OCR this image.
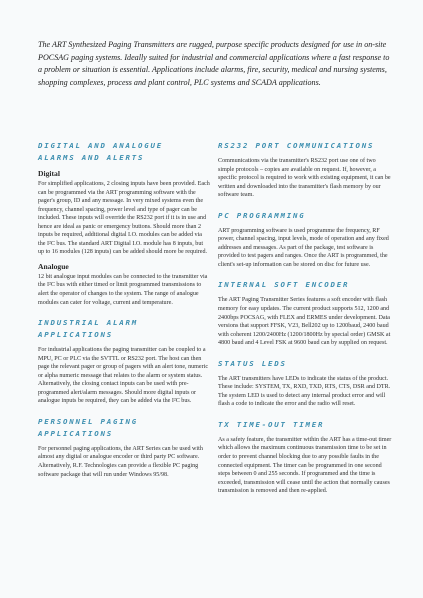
The ART Synthesized Paging Transmitters are rugged, purpose specific products designed for use in on-site POCSAG paging systems. Ideally suited for industrial and commercial applications where a fast response to a problem or situation is essential. Applications include alarms, fire, security, medical and nursing systems, shopping complexes, process and plant control, PLC systems and SCADA applications.

DIGITAL AND ANALOGUE
ALARMS AND ALERTS
Digital

For simplified applications, 2 closing inputs have been provided. Each can be programmed via the ART programming software with the pager's group, ID and any message. In very mixed systems even the frequency, channel spacing, power level and type of pager can be included. These inputs will override the RS232 port if it is in use and hence are ideal as panic or emergency buttons. Should more than 2 inputs be required, additional digital I.O. modules can be added via the I²C bus. The standard ART Digital I.O. module has 8 inputs, but up to 16 modules (128 inputs) can be added should more be required.

Analogue

12 bit analogue input modules can be connected to the transmitter via the I²C bus with either timed or limit programmed transmissions to alert the operator of changes to the system. The range of analogue modules can cater for voltage, current and temperature.

INDUSTRIAL ALARM APPLICATIONS

For industrial applications the paging transmitter can be coupled to a MPU, PC or PLC via the SVTTL or RS232 port. The host can then page the relevant pager or group of pagers with an alert tone, numeric or alpha numeric message that relates to the alarm or system status. Alternatively, the closing contact inputs can be used with pre-programmed alert/alarm messages. Should more digital inputs or analogue inputs be required, they can be added via the I²C bus.

PERSONNEL PAGING APPLICATIONS

For personnel paging applications, the ART Series can be used with almost any digital or analogue encoder or third party PC software. Alternatively, R.F. Technologies can provide a flexible PC paging software package that will run under Windows 95/98.

RS232 PORT COMMUNICATIONS

Communications via the transmitter's RS232 port use one of two simple protocols – copies are available on request. If, however, a specific protocol is required to work with existing equipment, it can be written and downloaded into the transmitter's flash memory by our software team.

PC PROGRAMMING

ART programming software is used programme the frequency, RF power, channel spacing, input levels, mode of operation and any fixed addresses and messages. As part of the package, test software is provided to test pagers and ranges. Once the ART is programmed, the client's set-up information can be stored on disc for future use.

INTERNAL SOFT ENCODER

The ART Paging Transmitter Series features a soft encoder with flash memory for easy updates. The current product supports 512, 1200 and 2400bps POCSAG, with FLEX and ERMES under development. Data versions that support FFSK, V23, Bell202 up to 1200baud, 2400 baud with coherent 1200/2400Hz (1200/1800Hz by special order) GMSK at 4800 baud and 4 Level FSK at 9600 baud can by supplied on request.

STATUS LEDS

The ART transmitters have LEDs to indicate the status of the product. These include: SYSTEM, TX, RXD, TXD, RTS, CTS, DSR and DTR. The system LED is used to detect any internal product error and will flash a code to indicate the error and the radio will reset.

TX TIME-OUT TIMER

As a safety feature, the transmitter within the ART has a time-out timer which allows the maximum continuous transmission time to be set in order to prevent channel blocking due to any possible faults in the connected equipment. The timer can be programmed in one second steps between 0 and 255 seconds. If programmed and the time is exceeded, transmission will cease until the action that normally causes transmission is removed and then re-applied.
